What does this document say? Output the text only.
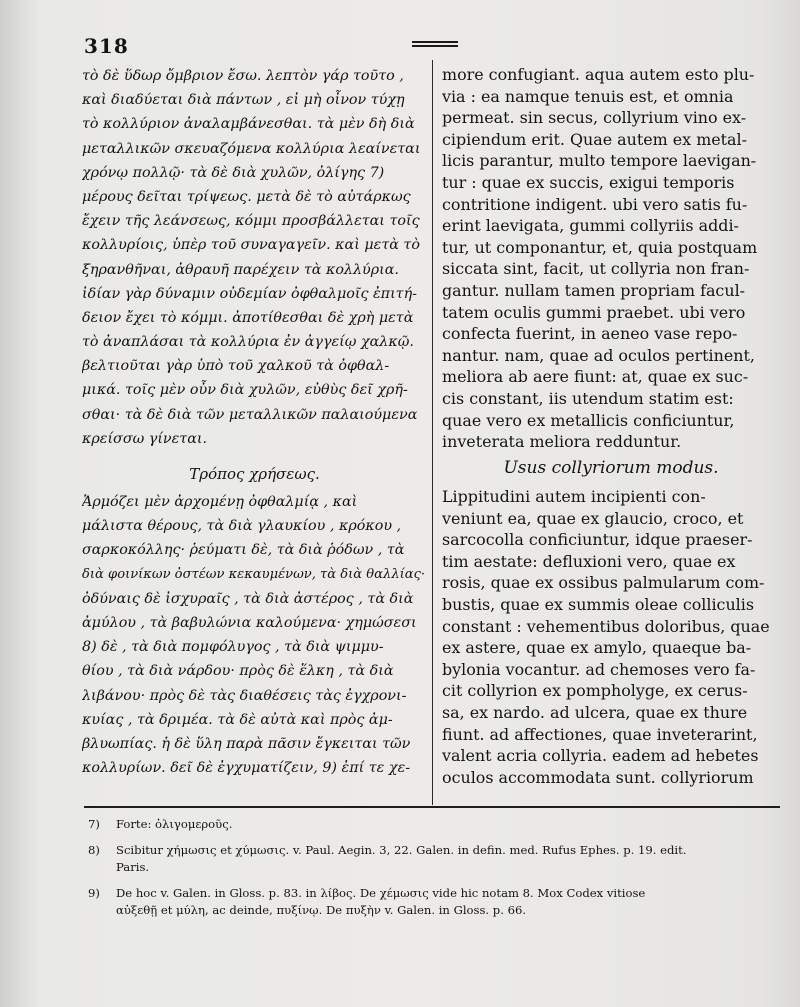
318
τὸ δὲ ὕδωρ ὄμβριον ἔσω. λεπτὸν γάρ τοῦτο ,
καὶ διαδύεται διὰ πάντων , εἰ μὴ οἶνον τύχῃ
τὸ κολλύριον ἀναλαμβάνεσθαι. τὰ μὲν δὴ διὰ
μεταλλικῶν σκευαζόμενα κολλύρια λεαίνεται
χρόνῳ πολλῷ· τὰ δὲ διὰ χυλῶν, ὀλίγης 7)
μέρους δεῖται τρίψεως. μετὰ δὲ τὸ αὐτάρκως
ἔχειν τῆς λεάνσεως, κόμμι προσβάλλεται τοῖς
κολλυρίοις, ὑπὲρ τοῦ συναγαγεῖν. καὶ μετὰ τὸ
ξηρανθῆναι, ἀθραυῆ παρέχειν τὰ κολλύρια.
ἰδίαν γὰρ δύναμιν οὐδεμίαν ὀφθαλμοῖς ἐπιτή-
δειον ἔχει τὸ κόμμι. ἀποτίθεσθαι δὲ χρὴ μετὰ
τὸ ἀναπλάσαι τὰ κολλύρια ἐν ἀγγείῳ χαλκῷ.
βελτιοῦται γὰρ ὑπὸ τοῦ χαλκοῦ τὰ ὀφθαλ-
μικά. τοῖς μὲν οὖν διὰ χυλῶν, εὐθὺς δεῖ χρῆ-
σθαι· τὰ δὲ διὰ τῶν μεταλλικῶν παλαιούμενα
κρείσσω γίνεται.
more confugiant. aqua autem esto plu-
via : ea namque tenuis est, et omnia
permeat. sin secus, collyrium vino ex-
cipiendum erit. Quae autem ex metal-
licis parantur, multo tempore laevigan-
tur : quae ex succis, exigui temporis
contritione indigent. ubi vero satis fu-
erint laevigata, gummi collyriis addi-
tur, ut componantur, et, quia postquam
siccata sint, facit, ut collyria non fran-
gantur. nullam tamen propriam facul-
tatem oculis gummi praebet. ubi vero
confecta fuerint, in aeneo vase repo-
nantur. nam, quae ad oculos pertinent,
meliora ab aere fiunt: at, quae ex suc-
cis constant, iis utendum statim est:
quae vero ex metallicis conficiuntur,
inveterata meliora redduntur.
Τρόπος χρήσεως.	Usus collyriorum modus.
Ἁρμόζει μὲν ἀρχομένῃ ὀφθαλμίᾳ , καὶ
μάλιστα θέρους, τὰ διὰ γλαυκίου , κρόκου ,
σαρκοκόλλης· ῥεύματι δὲ, τὰ διὰ ῥόδων , τὰ
διὰ φοινίκων ὀστέων κεκαυμένων, τὰ διὰ θαλλίας·
ὀδύναις δὲ ἰσχυραῖς , τὰ διὰ ἀστέρος , τὰ διὰ
ἀμύλου , τὰ βαβυλώνια καλούμενα· χημώσεσι
8) δὲ , τὰ διὰ πομφόλυγος , τὰ διὰ ψιμμυ-
θίου , τὰ διὰ νάρδου· πρὸς δὲ ἕλκη , τὰ διὰ
λιβάνου· πρὸς δὲ τὰς διαθέσεις τὰς ἐγχρονι-
κυίας , τὰ δριμέα. τὰ δὲ αὐτὰ καὶ πρὸς ἀμ-
βλυωπίας. ἡ δὲ ὕλη παρὰ πᾶσιν ἔγκειται τῶν
κολλυρίων. δεῖ δὲ ἐγχυματίζειν, 9) ἐπί τε χε-
Lippitudini autem incipienti con-
veniunt ea, quae ex glaucio, croco, et
sarcocolla conficiuntur, idque praeser-
tim aestate: defluxioni vero, quae ex
rosis, quae ex ossibus palmularum com-
bustis, quae ex summis oleae colliculis
constant : vehementibus doloribus, quae
ex astere, quae ex amylo, quaeque ba-
bylonia vocantur. ad chemoses vero fa-
cit collyrion ex pompholyge, ex cerus-
sa, ex nardo. ad ulcera, quae ex thure
fiunt. ad affectiones, quae inveterarint,
valent acria collyria. eadem ad hebetes
oculos accommodata sunt. collyriorum
7) Forte: ὀλιγομεροῦς.
8) Scibitur χήμωσις et χύμωσις. v. Paul. Aegin. 3, 22. Galen. in defin. med. Rufus Ephes. p. 19. edit.
Paris.
9) De hoc v. Galen. in Gloss. p. 83. in λίβος. De χέμωσις vide hic notam 8. Mox Codex vitiose
αὐξεθῇ et μύλη, ac deinde, πυξίνῳ. De πυξὴν v. Galen. in Gloss. p. 66.
